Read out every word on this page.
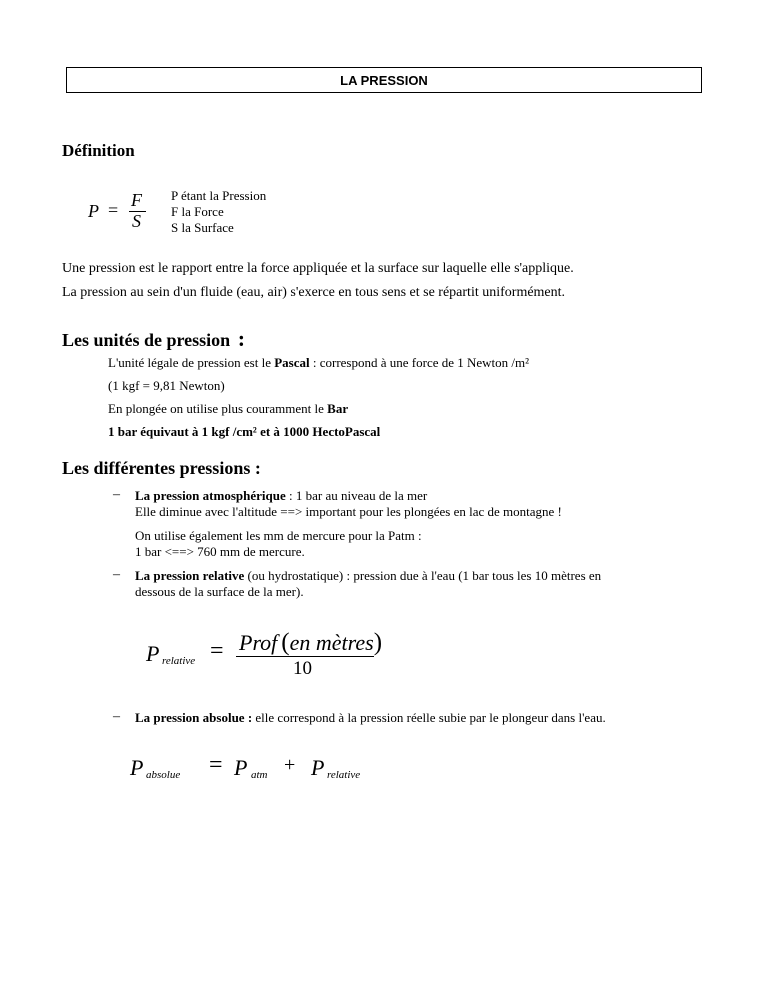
LA PRESSION
Définition
P = F
S
P étant la Pression
F la Force
S la Surface
Une pression est le rapport entre la force appliquée et la surface sur laquelle elle s'applique.
La pression au sein d'un fluide (eau, air) s'exerce en tous sens et se répartit uniformément.
Les unités de pression :
L'unité légale de pression est le Pascal : correspond à une force de 1 Newton /m²
(1 kgf = 9,81 Newton)
En plongée on utilise plus couramment le Bar
1 bar équivaut à 1 kgf /cm² et à 1000 HectoPascal
Les différentes pressions :
– La pression atmosphérique : 1 bar au niveau de la mer
Elle diminue avec l'altitude ==> important pour les plongées en lac de montagne !
On utilise également les mm de mercure pour la Patm :
1 bar <==> 760 mm de mercure.
– La pression relative (ou hydrostatique) : pression due à l'eau (1 bar tous les 10 mètres en
dessous de la surface de la mer).
P relative = Prof (en mètres)
10
– La pression absolue : elle correspond à la pression réelle subie par le plongeur dans l'eau.
P absolue = P atm + P relative
